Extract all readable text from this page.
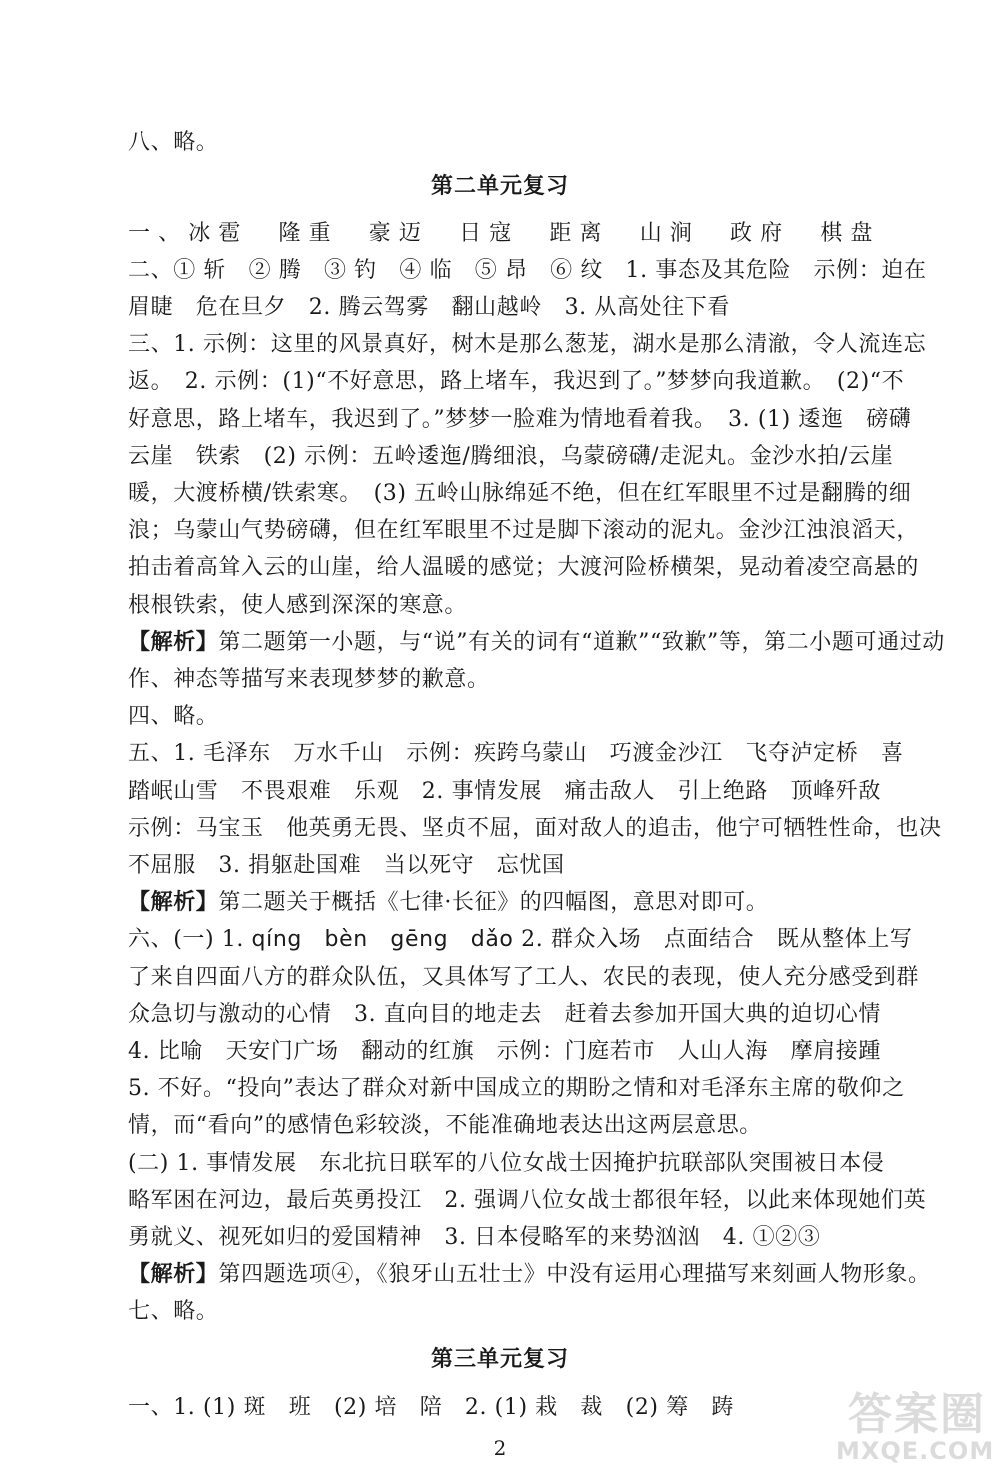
八、略。
第二单元复习
一、冰雹　隆重　豪迈　日寇　距离　山涧　政府　棋盘
二、① 斩　② 腾　③ 钓　④ 临　⑤ 昂　⑥ 纹　1. 事态及其危险　示例：迫在
眉睫　危在旦夕　2. 腾云驾雾　翻山越岭　3. 从高处往下看
三、1. 示例：这里的风景真好，树木是那么葱茏，湖水是那么清澈，令人流连忘
返。　2. 示例：(1)“不好意思，路上堵车，我迟到了。”梦梦向我道歉。　(2)“不
好意思，路上堵车，我迟到了。”梦梦一脸难为情地看着我。　3. (1) 逶迤　磅礴
云崖　铁索　(2) 示例：五岭逶迤/腾细浪，乌蒙磅礴/走泥丸。金沙水拍/云崖
暖，大渡桥横/铁索寒。　(3) 五岭山脉绵延不绝，但在红军眼里不过是翻腾的细
浪；乌蒙山气势磅礴，但在红军眼里不过是脚下滚动的泥丸。金沙江浊浪滔天，
拍击着高耸入云的山崖，给人温暖的感觉；大渡河险桥横架，晃动着凌空高悬的
根根铁索，使人感到深深的寒意。
【解析】第二题第一小题，与“说”有关的词有“道歉”“致歉”等，第二小题可通过动
作、神态等描写来表现梦梦的歉意。
四、略。
五、1. 毛泽东　万水千山　示例：疾跨乌蒙山　巧渡金沙江　飞夺泸定桥　喜
踏岷山雪　不畏艰难　乐观　2. 事情发展　痛击敌人　引上绝路　顶峰歼敌
示例：马宝玉　他英勇无畏、坚贞不屈，面对敌人的追击，他宁可牺牲性命，也决
不屈服　3. 捐躯赴国难　当以死守　忘忧国
【解析】第二题关于概括《七律·长征》的四幅图，意思对即可。
六、(一) 1. qíng　bèn　gēng　dǎo 2. 群众入场　点面结合　既从整体上写
了来自四面八方的群众队伍，又具体写了工人、农民的表现，使人充分感受到群
众急切与激动的心情　3. 直向目的地走去　赶着去参加开国大典的迫切心情
4. 比喻　天安门广场　翻动的红旗　示例：门庭若市　人山人海　摩肩接踵
5. 不好。“投向”表达了群众对新中国成立的期盼之情和对毛泽东主席的敬仰之
情，而“看向”的感情色彩较淡，不能准确地表达出这两层意思。
(二) 1. 事情发展　东北抗日联军的八位女战士因掩护抗联部队突围被日本侵
略军困在河边，最后英勇投江　2. 强调八位女战士都很年轻，以此来体现她们英
勇就义、视死如归的爱国精神　3. 日本侵略军的来势汹汹　4. ①②③
【解析】第四题选项④，《狼牙山五壮士》中没有运用心理描写来刻画人物形象。
七、略。
第三单元复习
一、1. (1) 斑　班　(2) 培　陪　2. (1) 栽　裁　(2) 筹　踌
2
答案圈
MXQE.COM
